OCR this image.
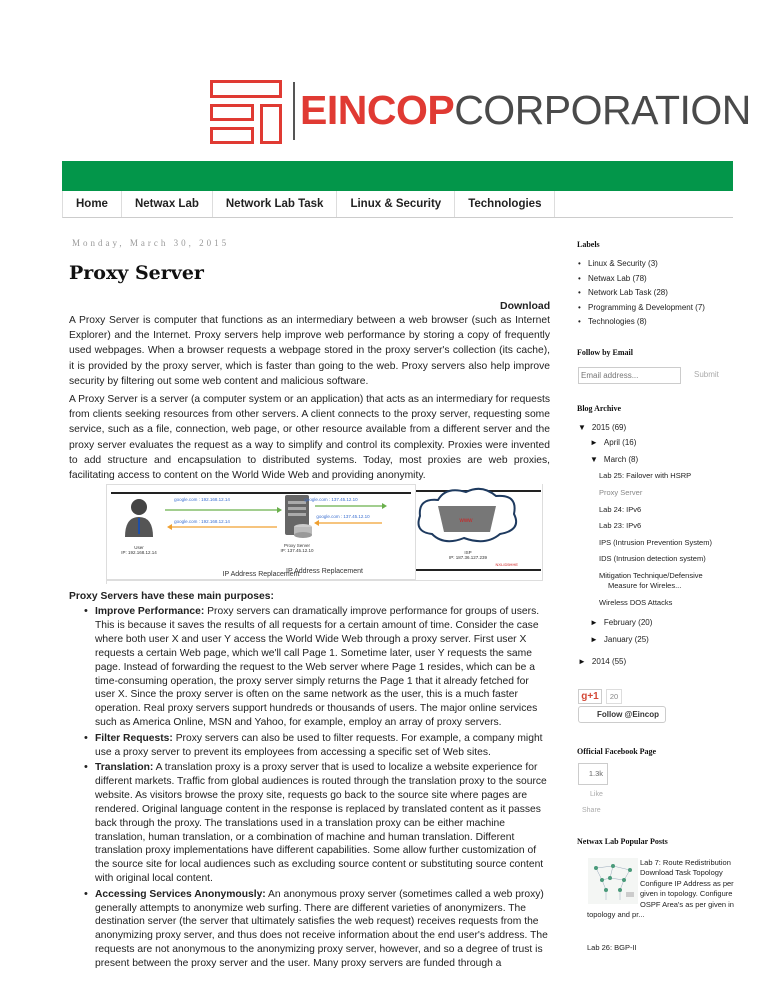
EINCOPCORPORATION
Home	Netwax Lab	Network Lab Task	Linux & Security	Technologies
Monday, March 30, 2015
Proxy Server
Download

A Proxy Server is computer that functions as an intermediary between a web browser (such as Internet Explorer) and the Internet. Proxy servers help improve web performance by storing a copy of frequently used webpages. When a browser requests a webpage stored in the proxy server's collection (its cache), it is provided by the proxy server, which is faster than going to the web. Proxy servers also help improve security by filtering out some web content and malicious software.

A Proxy Server is a server (a computer system or an application) that acts as an intermediary for requests from clients seeking resources from other servers. A client connects to the proxy server, requesting some service, such as a file, connection, web page, or other resource available from a different server and the proxy server evaluates the request as a way to simplify and control its complexity. Proxies were invented to add structure and encapsulation to distributed systems. Today, most proxies are web proxies, facilitating access to content on the World Wide Web and providing anonymity.

User
IP: 192.168.12.14
google.com : 192.168.12.14
google.com : 192.168.12.14
Proxy Server
IP: 137.45.12.10
google.com : 137.45.12.10
google.com : 137.45.12.10
IP Address Replacement
www
ISP
IP: 187.36.127.239
NXLID5HHE
IP Address Replacement
Proxy Servers have these main purposes:
• Improve Performance: Proxy servers can dramatically improve performance for groups of users. This is because it saves the results of all requests for a certain amount of time. Consider the case where both user X and user Y access the World Wide Web through a proxy server. First user X requests a certain Web page, which we'll call Page 1. Sometime later, user Y requests the same page. Instead of forwarding the request to the Web server where Page 1 resides, which can be a time-consuming operation, the proxy server simply returns the Page 1 that it already fetched for user X. Since the proxy server is often on the same network as the user, this is a much faster operation. Real proxy servers support hundreds or thousands of users. The major online services such as America Online, MSN and Yahoo, for example, employ an array of proxy servers.
• Filter Requests: Proxy servers can also be used to filter requests. For example, a company might use a proxy server to prevent its employees from accessing a specific set of Web sites.
• Translation: A translation proxy is a proxy server that is used to localize a website experience for different markets. Traffic from global audiences is routed through the translation proxy to the source website. As visitors browse the proxy site, requests go back to the source site where pages are rendered. Original language content in the response is replaced by translated content as it passes back through the proxy. The translations used in a translation proxy can be either machine translation, human translation, or a combination of machine and human translation. Different translation proxy implementations have different capabilities. Some allow further customization of the source site for local audiences such as excluding source content or substituting source content with original local content.
• Accessing Services Anonymously: An anonymous proxy server (sometimes called a web proxy) generally attempts to anonymize web surfing. There are different varieties of anonymizers. The destination server (the server that ultimately satisfies the web request) receives requests from the anonymizing proxy server, and thus does not receive information about the end user's address. The requests are not anonymous to the anonymizing proxy server, however, and so a degree of trust is present between the proxy server and the user. Many proxy servers are funded through a
Labels
• Linux & Security (3)
• Netwax Lab (78)
• Network Lab Task (28)
• Programming & Development (7)
• Technologies (8)
Follow by Email
Email address...
Submit
Blog Archive
▼ 2015 (69)
► April (16)
▼ March (8)
Lab 25: Failover with HSRP
Proxy Server
Lab 24: IPv6
Lab 23: IPv6
IPS (Intrusion Prevention System)
IDS (Intrusion detection system)
Mitigation Technique/Defensive Measure for Wireles...
Wireless DOS Attacks
► February (20)
► January (25)
► 2014 (55)
g+1	20
Follow @Eincop
Official Facebook Page
1.3k
Like
Share
Netwax Lab Popular Posts
Lab 7: Route Redistribution
Download Task Topology Configure IP Address as per given in topology. Configure OSPF Area's as per given in topology and pr...
Lab 26: BGP-II
